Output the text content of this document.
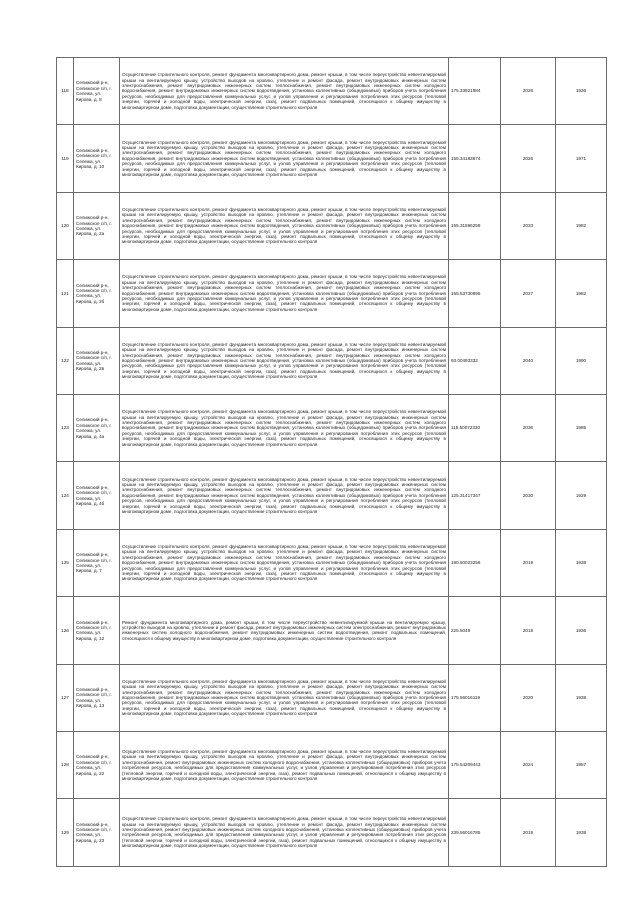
118	Селижский р-н, Селижское с/п, г. Сележа, ул. Кирова, д. 8	Осуществление строительного контроля, ремонт фундамента многоквартирного дома, ремонт крыши, в том числе переустройство невентилируемой крыши на вентилируемую крышу, устройство выходов на кровлю, утепление и ремонт фасада, ремонт внутридомовых инженерных систем электроснабжения, ремонт внутридомовых инженерных систем теплоснабжения, ремонт внутридомовых инженерных систем холодного водоснабжения, ремонт внутридомовых инженерных систем водоотведения, установка коллективных (общедомовых) приборов учета потребления ресурсов, необходимых для предоставления коммунальных услуг, и узлов управления и регулирования потребления этих ресурсов (тепловой энергии, горячей и холодной воды, электрической энергии, газа), ремонт подвальных помещений, относящихся к общему имуществу в многоквартирном доме, подготовка документации, осуществление строительного контроля	175.33921984	2026	1936
119	Селижский р-н, Селижское с/п, г. Сележа, ул. Кирова, д. 10	Осуществление строительного контроля, ремонт фундамента многоквартирного дома, ремонт крыши, в том числе переустройство невентилируемой крыши на вентилируемую крышу, устройство выходов на кровлю, утепление и ремонт фасада, ремонт внутридомовых инженерных систем электроснабжения, ремонт внутридомовых инженерных систем теплоснабжения, ремонт внутридомовых инженерных систем холодного водоснабжения, ремонт внутридомовых инженерных систем водоотведения, установка коллективных (общедомовых) приборов учета потребления ресурсов, необходимых для предоставления коммунальных услуг, и узлов управления и регулирования потребления этих ресурсов (тепловой энергии, горячей и холодной воды, электрической энергии, газа), ремонт подвальных помещений, относящихся к общему имуществу в многоквартирном доме, подготовка документации, осуществление строительного контроля	155.34183674	2026	1971
120	Селижский р-н, Селижское с/п, г. Сележа, ул. Кирова, д. 2а	Осуществление строительного контроля, ремонт фундамента многоквартирного дома, ремонт крыши, в том числе переустройство невентилируемой крыши на вентилируемую крышу, устройство выходов на кровлю, утепление и ремонт фасада, ремонт внутридомовых инженерных систем электроснабжения, ремонт внутридомовых инженерных систем теплоснабжения, ремонт внутридомовых инженерных систем холодного водоснабжения, ремонт внутридомовых инженерных систем водоотведения, установка коллективных (общедомовых) приборов учета потребления ресурсов, необходимых для предоставления коммунальных услуг, и узлов управления и регулирования потребления этих ресурсов (тепловой энергии, горячей и холодной воды, электрической энергии, газа), ремонт подвальных помещений, относящихся к общему имуществу в многоквартирном доме, подготовка документации, осуществление строительного контроля	155.31596259	2033	1982
121	Селижский р-н, Селижское с/п, г. Сележа, ул. Кирова, д. 2б	Осуществление строительного контроля, ремонт фундамента многоквартирного дома, ремонт крыши, в том числе переустройство невентилируемой крыши на вентилируемую крышу, устройство выходов на кровлю, утепление и ремонт фасада, ремонт внутридомовых инженерных систем электроснабжения, ремонт внутридомовых инженерных систем теплоснабжения, ремонт внутридомовых инженерных систем холодного водоснабжения, ремонт внутридомовых инженерных систем водоотведения, установка коллективных (общедомовых) приборов учета потребления ресурсов, необходимых для предоставления коммунальных услуг, и узлов управления и регулирования потребления этих ресурсов (тепловой энергии, горячей и холодной воды, электрической энергии, газа), ремонт подвальных помещений, относящихся к общему имуществу в многоквартирном доме, подготовка документации, осуществление строительного контроля	155.53730895	2027	1982
122	Селижский р-н, Селижское с/п, г. Сележа, ул. Кирова, д. 2в	Осуществление строительного контроля, ремонт фундамента многоквартирного дома, ремонт крыши, в том числе переустройство невентилируемой крыши на вентилируемую крышу, устройство выходов на кровлю, утепление и ремонт фасада, ремонт внутридомовых инженерных систем электроснабжения, ремонт внутридомовых инженерных систем теплоснабжения, ремонт внутридомовых инженерных систем холодного водоснабжения, ремонт внутридомовых инженерных систем водоотведения, установка коллективных (общедомовых) приборов учета потребления ресурсов, необходимых для предоставления коммунальных услуг, и узлов управления и регулирования потребления этих ресурсов (тепловой энергии, горячей и холодной воды, электрической энергии, газа), ремонт подвальных помещений, относящихся к общему имуществу в многоквартирном доме, подготовка документации, осуществление строительного контроля	93.00493332	2040	1990
123	Селижский р-н, Селижское с/п, г. Сележа, ул. Кирова, д. 4а	Осуществление строительного контроля, ремонт фундамента многоквартирного дома, ремонт крыши, в том числе переустройство невентилируемой крыши на вентилируемую крышу, устройство выходов на кровлю, утепление и ремонт фасада, ремонт внутридомовых инженерных систем электроснабжения, ремонт внутридомовых инженерных систем теплоснабжения, ремонт внутридомовых инженерных систем холодного водоснабжения, ремонт внутридомовых инженерных систем водоотведения, установка коллективных (общедомовых) приборов учета потребления ресурсов, необходимых для предоставления коммунальных услуг, и узлов управления и регулирования потребления этих ресурсов (тепловой энергии, горячей и холодной воды, электрической энергии, газа), ремонт подвальных помещений, относящихся к общему имуществу в многоквартирном доме, подготовка документации, осуществление строительного контроля	115.50072330	2036	1985
124	Селижский р-н, Селижское с/п, г. Сележа, ул. Кирова, д. 4б	Осуществление строительного контроля, ремонт фундамента многоквартирного дома, ремонт крыши, в том числе переустройство невентилируемой крыши на вентилируемую крышу, устройство выходов на кровлю, утепление и ремонт фасада, ремонт внутридомовых инженерных систем электроснабжения, ремонт внутридомовых инженерных систем теплоснабжения, ремонт внутридомовых инженерных систем холодного водоснабжения, ремонт внутридомовых инженерных систем водоотведения, установка коллективных (общедомовых) приборов учета потребления ресурсов, необходимых для предоставления коммунальных услуг, и узлов управления и регулирования потребления этих ресурсов (тепловой энергии, горячей и холодной воды, электрической энергии, газа), ремонт подвальных помещений, относящихся к общему имуществу в многоквартирном доме, подготовка документации, осуществление строительного контроля	125.31417347	2030	1929
125	Селижский р-н, Селижское с/п, г. Сележа, ул. Кирова, д. 7	Осуществление строительного контроля, ремонт фундамента многоквартирного дома, ремонт крыши, в том числе переустройство невентилируемой крыши на вентилируемую крышу, устройство выходов на кровлю, утепление и ремонт фасада, ремонт внутридомовых инженерных систем электроснабжения, ремонт внутридомовых инженерных систем теплоснабжения, ремонт внутридомовых инженерных систем холодного водоснабжения, ремонт внутридомовых инженерных систем водоотведения, установка коллективных (общедомовых) приборов учета потребления ресурсов, необходимых для предоставления коммунальных услуг, и узлов управления и регулирования потребления этих ресурсов (тепловой энергии, горячей и холодной воды, электрической энергии, газа), ремонт подвальных помещений, относящихся к общему имуществу в многоквартирном доме, подготовка документации, осуществление строительного контроля	190.50023256	2019	1938
126	Селижский р-н, Селижское с/п, г. Сележа, ул. Кирова, д. 12	Ремонт фундамента многоквартирного дома, ремонт крыши, в том числе переустройство невентилируемой крыши на вентилируемую крышу, устройство выходов на кровлю, утепление и ремонт фасада, ремонт внутридомовых инженерных систем электроснабжения, ремонт внутридомовых инженерных систем холодного водоснабжения, ремонт внутридомовых инженерных систем водоотведения, ремонт подвальных помещений, относящихся к общему имуществу в многоквартирном доме, подготовка документации, осуществление строительного контроля	225.5049	2018	1936
127	Селижский р-н, Селижское с/п, г. Сележа, ул. Кирова, д. 13	Осуществление строительного контроля, ремонт фундамента многоквартирного дома, ремонт крыши, в том числе переустройство невентилируемой крыши на вентилируемую крышу, устройство выходов на кровлю, утепление и ремонт фасада, ремонт внутридомовых инженерных систем электроснабжения, ремонт внутридомовых инженерных систем теплоснабжения, ремонт внутридомовых инженерных систем холодного водоснабжения, ремонт внутридомовых инженерных систем водоотведения, установка коллективных (общедомовых) приборов учета потребления ресурсов, необходимых для предоставления коммунальных услуг, и узлов управления и регулирования потребления этих ресурсов (тепловой энергии, горячей и холодной воды, электрической энергии, газа), ремонт подвальных помещений, относящихся к общему имуществу в многоквартирном доме, подготовка документации, осуществление строительного контроля	175.56016119	2020	1938
128	Селижский р-н, Селижское с/п, г. Сележа, ул. Кирова, д. 22	Осуществление строительного контроля, ремонт фундамента многоквартирного дома, ремонт крыши, в том числе переустройство невентилируемой крыши на вентилируемую крышу, устройство выходов на кровлю, утепление и ремонт фасада, ремонт внутридомовых инженерных систем электроснабжения, ремонт внутридомовых инженерных систем холодного водоснабжения, установка коллективных (общедомовых) приборов учета потребления ресурсов, необходимых для предоставления коммунальных услуг, и узлов управления и регулирования потребления этих ресурсов (тепловой энергии, горячей и холодной воды, электрической энергии, газа), ремонт подвальных помещений, относящихся к общему имуществу в многоквартирном доме, подготовка документации, осуществление строительного контроля	175.54209443	2024	1957
129	Селижский р-н, Селижское с/п, г. Сележа, ул. Кирова, д. 23	Осуществление строительного контроля, ремонт фундамента многоквартирного дома, ремонт крыши, в том числе переустройство невентилируемой крыши на вентилируемую крышу, устройство выходов на кровлю, утепление и ремонт фасада, ремонт внутридомовых инженерных систем электроснабжения, ремонт внутридомовых инженерных систем холодного водоснабжения, установка коллективных (общедомовых) приборов учета потребления ресурсов, необходимых для предоставления коммунальных услуг, и узлов управления и регулирования потребления этих ресурсов (тепловой энергии, горячей и холодной воды, электрической энергии, газа), ремонт подвальных помещений, относящихся к общему имуществу в многоквартирном доме, подготовка документации, осуществление строительного контроля	239.56016785	2019	1938
